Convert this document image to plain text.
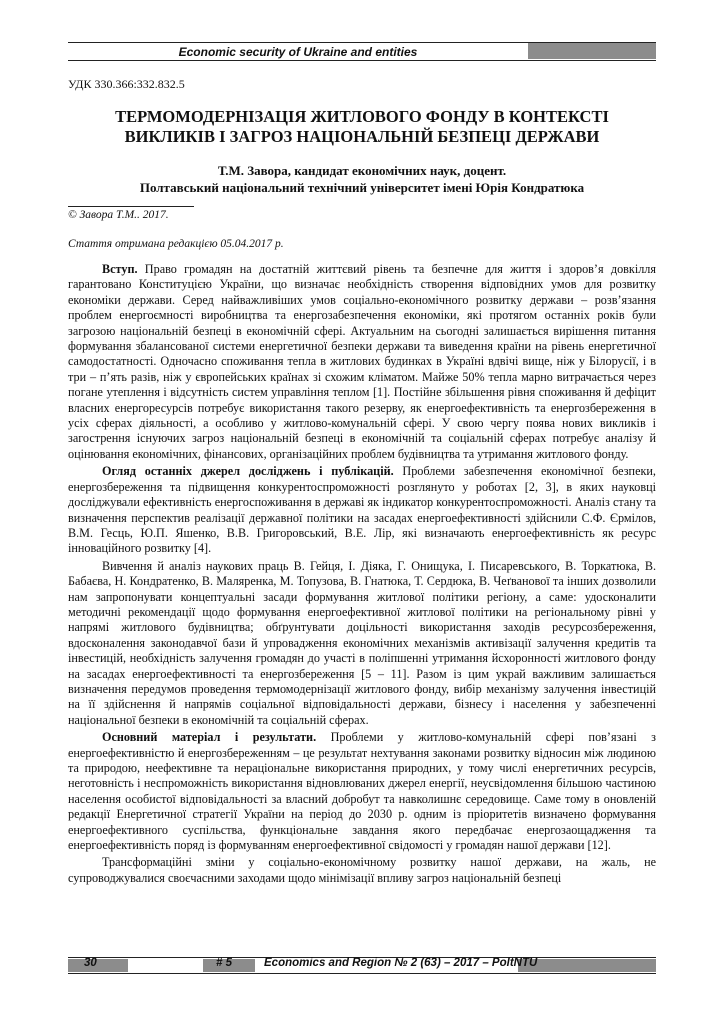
Economic security of Ukraine and entities
УДК 330.366:332.832.5
ТЕРМОМОДЕРНІЗАЦІЯ ЖИТЛОВОГО ФОНДУ В КОНТЕКСТІ
ВИКЛИКІВ І ЗАГРОЗ НАЦІОНАЛЬНІЙ БЕЗПЕЦІ ДЕРЖАВИ
Т.М. Завора, кандидат економічних наук, доцент.
Полтавський національний технічний університет імені Юрія Кондратюка
© Завора Т.М.. 2017.
Стаття отримана редакцією 05.04.2017 р.

Вступ. Право громадян на достатній життєвий рівень та безпечне для життя і здоров’я довкілля гарантовано Конституцією України, що визначає необхідність створення відповідних умов для розвитку економіки держави. Серед найважливіших умов соціально-економічного розвитку держави – розв’язання проблем енергоємності виробництва та енергозабезпечення економіки, які протягом останніх років були загрозою національній безпеці в економічній сфері. Актуальним на сьогодні залишається вирішення питання формування збалансованої системи енергетичної безпеки держави та виведення країни на рівень енергетичної самодостатності. Одночасно споживання тепла в житлових будинках в Україні вдвічі вище, ніж у Білорусії, і в три – п’ять разів, ніж у європейських країнах зі схожим кліматом. Майже 50% тепла марно витрачається через погане утеплення і відсутність систем управління теплом [1]. Постійне збільшення рівня споживання й дефіцит власних енергоресурсів потребує використання такого резерву, як енергоефективність та енергозбереження в усіх сферах діяльності, а особливо у житлово-комунальній сфері. У свою чергу поява нових викликів і загострення існуючих загроз національній безпеці в економічній та соціальній сферах потребує аналізу й оцінювання економічних, фінансових, організаційних проблем будівництва та утримання житлового фонду.

Огляд останніх джерел досліджень і публікацій. Проблеми забезпечення економічної безпеки, енергозбереження та підвищення конкурентоспроможності розглянуто у роботах [2, 3], в яких науковці досліджували ефективність енергоспоживання в державі як індикатор конкурентоспроможності. Аналіз стану та визначення перспектив реалізації державної політики на засадах енергоефективності здійснили С.Ф. Єрмілов, В.М. Гесць, Ю.П. Яшенко, В.В. Григоровський, В.Е. Лір, які визначають енергоефективність як ресурс інноваційного розвитку [4].

Вивчення й аналіз наукових праць В. Гейця, І. Діяка, Г. Онищука, І. Писаревського, В. Торкатюка, В. Бабаєва, Н. Кондратенко, В. Маляренка, М. Топузова, В. Гнатюка, Т. Сердюка, В. Чеґванової та інших дозволили нам запропонувати концептуальні засади формування житлової політики регіону, а саме: удосконалити методичні рекомендації щодо формування енергоефективної житлової політики на регіональному рівні у напрямі житлового будівництва; обґрунтувати доцільності використання заходів ресурсозбереження, вдосконалення законодавчої бази й упровадження економічних механізмів активізації залучення кредитів та інвестицій, необхідність залучення громадян до участі в поліпшенні утримання йсхоронності житлового фонду на засадах енергоефективності та енергозбереження [5 – 11]. Разом із цим украй важливим залишається визначення передумов проведення термомодернізації житлового фонду, вибір механізму залучення інвестицій на її здійснення й напрямів соціальної відповідальності держави, бізнесу і населення у забезпеченні національної безпеки в економічній та соціальній сферах.

Основний матеріал і результати. Проблеми у житлово-комунальній сфері пов’язані з енергоефективністю й енергозбереженням – це результат нехтування законами розвитку відносин між людиною та природою, неефективне та нераціональне використання природних, у тому числі енергетичних ресурсів, неготовність і неспроможність використання відновлюваних джерел енергії, неусвідомлення більшою частиною населення особистої відповідальності за власний добробут та навколишнє середовище. Саме тому в оновленій редакції Енергетичної стратегії України на період до 2030 р. одним із пріоритетів визначено формування енергоефективного суспільства, функціональне завдання якого передбачає енергозаощадження та енергоефективність поряд із формуванням енергоефективної свідомості у громадян нашої держави [12].

Трансформаційні зміни у соціально-економічному розвитку нашої держави, на жаль, не супроводжувалися своєчасними заходами щодо мінімізації впливу загроз національній безпеці

30	# 5	Economics and Region № 2 (63) – 2017 – PoltNTU
